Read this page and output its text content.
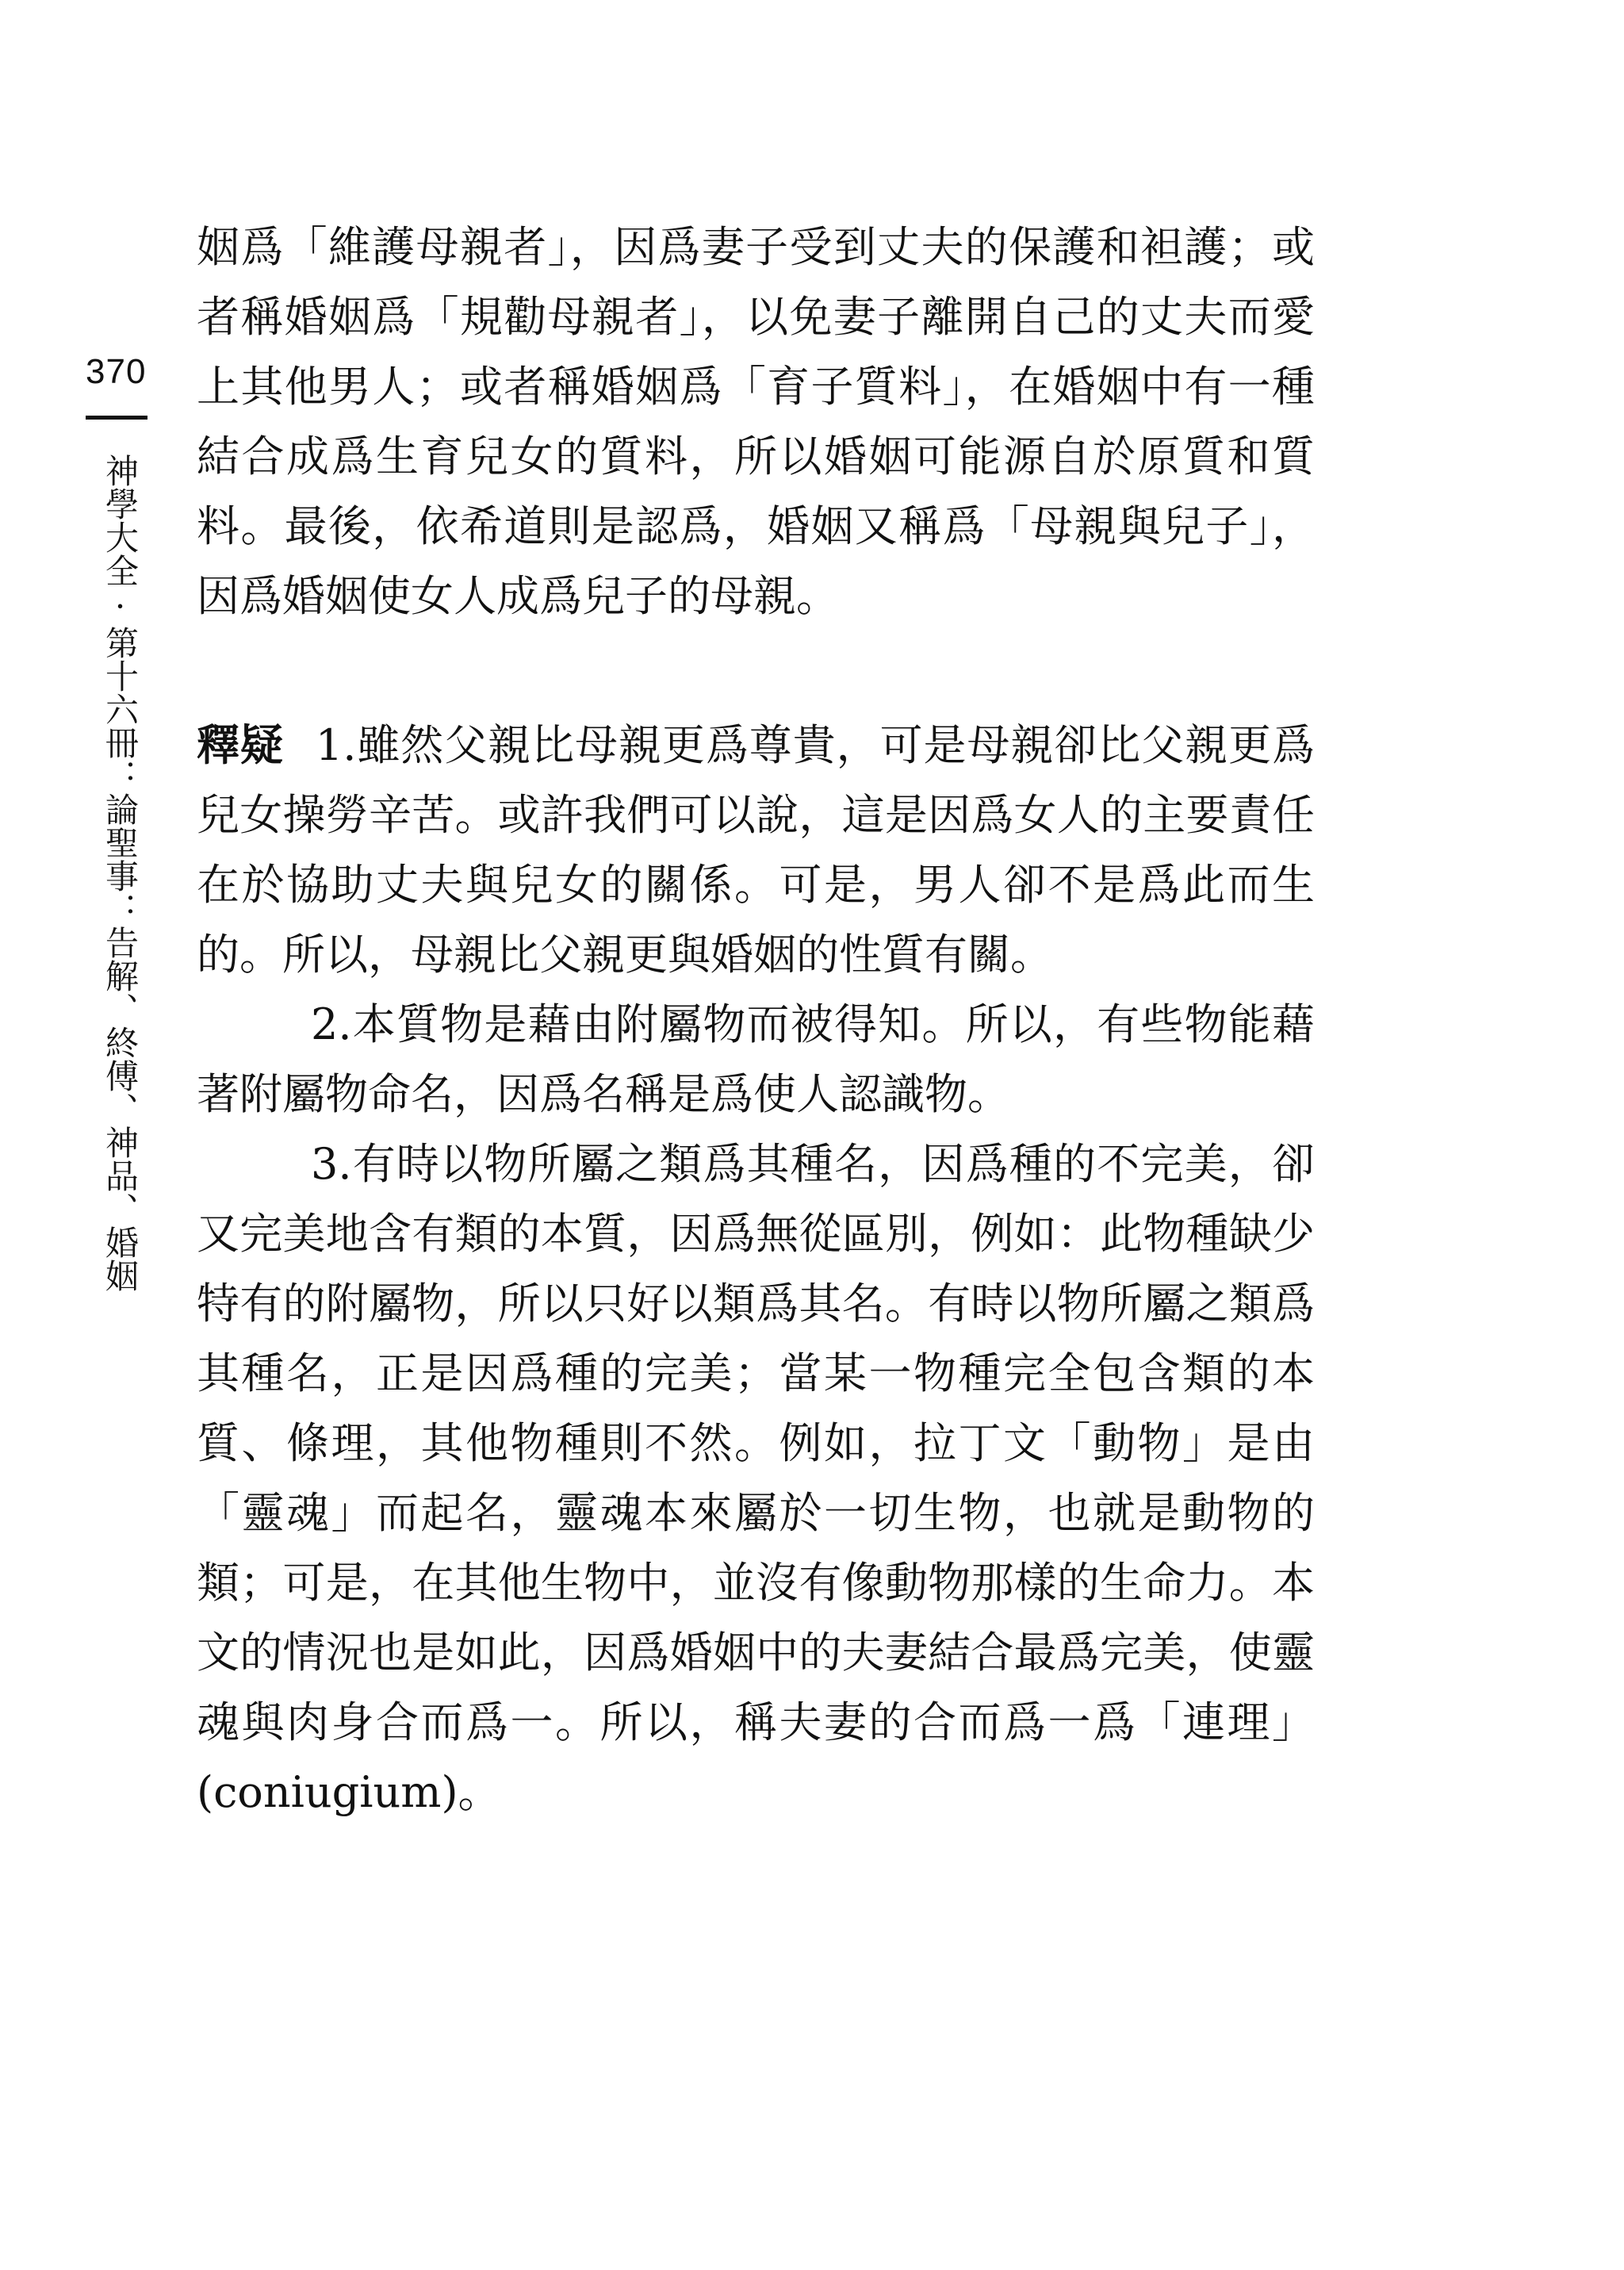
370
神學大全·第十六冊：論聖事：告解、終傅、神品、婚姻

姻爲「維護母親者」，因爲妻子受到丈夫的保護和袒護；或者稱婚姻爲「規勸母親者」，以免妻子離開自己的丈夫而愛上其他男人；或者稱婚姻爲「育子質料」，在婚姻中有一種結合成爲生育兒女的質料，所以婚姻可能源自於原質和質料。最後，依希道則是認爲，婚姻又稱爲「母親與兒子」，因爲婚姻使女人成爲兒子的母親。

釋疑 1.雖然父親比母親更爲尊貴，可是母親卻比父親更爲兒女操勞辛苦。或許我們可以說，這是因爲女人的主要責任在於協助丈夫與兒女的關係。可是，男人卻不是爲此而生的。所以，母親比父親更與婚姻的性質有關。

2.本質物是藉由附屬物而被得知。所以，有些物能藉著附屬物命名，因爲名稱是爲使人認識物。

3.有時以物所屬之類爲其種名，因爲種的不完美，卻又完美地含有類的本質，因爲無從區別，例如：此物種缺少特有的附屬物，所以只好以類爲其名。有時以物所屬之類爲其種名，正是因爲種的完美；當某一物種完全包含類的本質、條理，其他物種則不然。例如，拉丁文「動物」是由「靈魂」而起名，靈魂本來屬於一切生物，也就是動物的類；可是，在其他生物中，並沒有像動物那樣的生命力。本文的情況也是如此，因爲婚姻中的夫妻結合最爲完美，使靈魂與肉身合而爲一。所以，稱夫妻的合而爲一爲「連理」(coniugium)。
